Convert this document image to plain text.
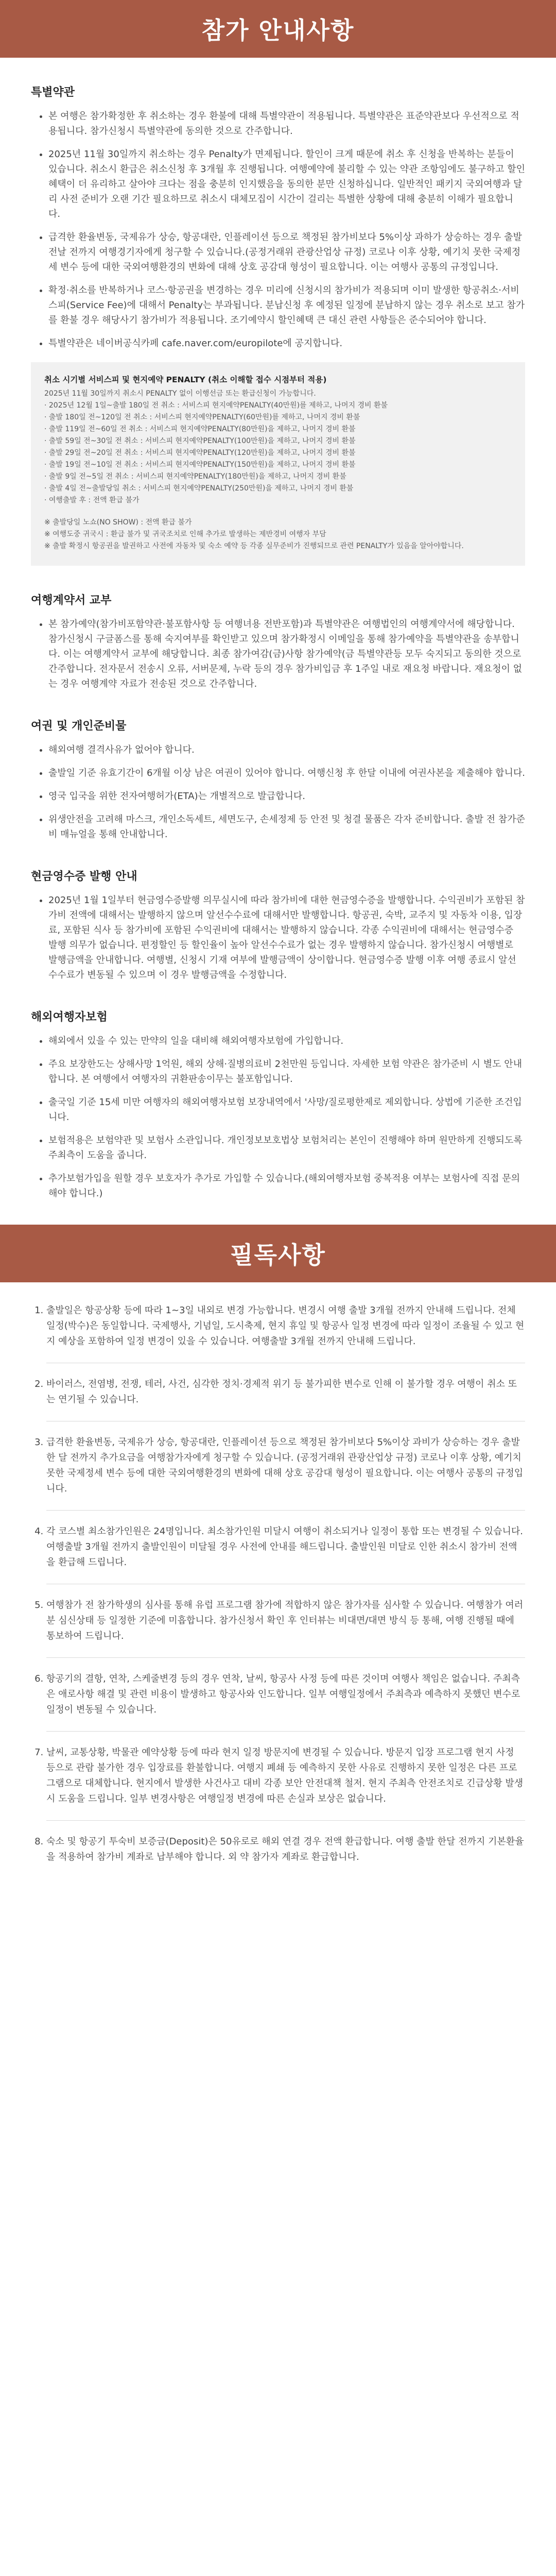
참가 안내사항
특별약관
• 본 여행은 참가확정한 후 취소하는 경우 환불에 대해 특별약관이 적용됩니다. 특별약관은 표준약관보다 우선적으로 적용됩니다. 참가신청시 특별약관에 동의한 것으로 간주합니다.
• 2025년 11월 30일까지 취소하는 경우 Penalty가 면제됩니다. 할인이 크게 때문에 취소 후 신청을 반복하는 분들이 있습니다. 취소시 환급은 취소신청 후 3개월 후 진행됩니다. 여행예약에 불리할 수 있는 약관 조항임에도 불구하고 할인혜택이 더 유리하고 살아야 크다는 점을 충분히 인지했음을 동의한 분만 신청하십니다. 일반적인 패키지 국외여행과 달리 사전 준비가 오랜 기간 필요하므로 취소시 대체모집이 시간이 걸리는 특별한 상황에 대해 충분히 이해가 필요합니다.
• 급격한 환율변동, 국제유가 상승, 항공대란, 인플레이션 등으로 책정된 참가비보다 5%이상 과하가 상승하는 경우 출발 전날 전까지 여행경기자에게 청구할 수 있습니다.(공정거래위 관광산업상 규정) 코로나 이후 상황, 예기치 못한 국제정세 변수 등에 대한 국외여행환경의 변화에 대해 상호 공감대 형성이 필요합니다. 이는 여행사 공통의 규정입니다.
• 확정·취소를 반복하거나 코스·항공권을 변경하는 경우 미리에 신청시의 참가비가 적용되며 이미 발생한 항공취소·서비스피(Service Fee)에 대해서 Penalty는 부과됩니다. 분납신청 후 예정된 일정에 분납하지 않는 경우 취소로 보고 참가를 환불 경우 해당사기 참가비가 적용됩니다. 조기예약시 할인혜택 큰 대신 관련 사항들은 준수되어야 합니다.
• 특별약관은 네이버공식카페 cafe.naver.com/europilote에 공지합니다.
취소 시기별 서비스피 및 현지예약 PENALTY (취소 이해할 접수 시점부터 적용)
2025년 11월 30일까지 취소시 PENALTY 없이 이행선금 또는 환급신청이 가능합니다.
· 2025년 12월 1일~출발 180일 전 취소 : 서비스피 현지예약PENALTY(40만원)를 제하고, 나머지 경비 환불
· 출발 180일 전~120일 전 취소 : 서비스피 현지예약PENALTY(60만원)를 제하고, 나머지 경비 환불
· 출발 119일 전~60일 전 취소 : 서비스피 현지예약PENALTY(80만원)을 제하고, 나머지 경비 환불
· 출발 59일 전~30일 전 취소 : 서비스피 현지예약PENALTY(100만원)을 제하고, 나머지 경비 환불
· 출발 29일 전~20일 전 취소 : 서비스피 현지예약PENALTY(120만원)을 제하고, 나머지 경비 환불
· 출발 19일 전~10일 전 취소 : 서비스피 현지예약PENALTY(150만원)을 제하고, 나머지 경비 환불
· 출발 9일 전~5일 전 취소 : 서비스피 현지예약PENALTY(180만원)을 제하고, 나머지 경비 환불
· 출발 4일 전~출발당일 취소 : 서비스피 현지예약PENALTY(250만원)을 제하고, 나머지 경비 환불
· 여행출발 후 : 전액 환급 불가
※ 출발당일 노쇼(NO SHOW) : 전액 환급 불가
※ 여행도중 귀국시 : 환급 불가 및 귀국조치로 인해 추가로 발생하는 제반경비 여행자 부담
※ 출발 확정시 항공권을 발권하고 사전에 자동차 및 숙소 예약 등 각종 실무준비가 진행되므로 관련 PENALTY가 있음을 알아야합니다.
여행계약서 교부
• 본 참가예약(참가비포함약관·불포함사항 등 여행녀용 전반포함)과 특별약관은 여행법인의 여행계약서에 해당합니다. 참가신청시 구글폼스를 통해 숙지여부를 확인받고 있으며 참가확정시 이메일을 통해 참가예약을 특별약관을 송부합니다. 이는 여행계약서 교부에 해당합니다. 최종 참가여감(금)사항 참가예약(금 특별약관등 모두 숙지되고 동의한 것으로 간주합니다. 전자문서 전송시 오류, 서버문제, 누락 등의 경우 참가비입금 후 1주일 내로 재요청 바랍니다. 재요청이 없는 경우 여행계약 자료가 전송된 것으로 간주합니다.
여권 및 개인준비물
• 해외여행 결격사유가 없어야 합니다.
• 출발일 기준 유효기간이 6개월 이상 남은 여권이 있어야 합니다. 여행신청 후 한달 이내에 여권사본을 제출해야 합니다.
• 영국 입국을 위한 전자여행허가(ETA)는 개별적으로 발급합니다.
• 위생안전을 고려해 마스크, 개인소독세트, 세면도구, 손세정제 등 안전 및 청결 물품은 각자 준비합니다. 출발 전 참가준비 매뉴얼을 통해 안내합니다.
현금영수증 발행 안내
• 2025년 1월 1일부터 현금영수증발행 의무실시에 따라 참가비에 대한 현금영수증을 발행합니다. 수익권비가 포함된 참가비 전액에 대해서는 발행하지 않으며 알선수수료에 대해서만 발행합니다. 항공권, 숙박, 교주지 및 자동차 이용, 입장료, 포함된 식사 등 참가비에 포함된 수익권비에 대해서는 발행하지 않습니다. 각종 수익권비에 대해서는 현금영수증 발행 의무가 없습니다. 편정할인 등 할인율이 높아 알선수수료가 없는 경우 발행하지 않습니다. 참가신청시 여행별로 발행금액을 안내합니다. 여행별, 신청시 기재 여부에 발행금액이 상이합니다. 현금영수증 발행 이후 여행 종료시 알선수수료가 변동될 수 있으며 이 경우 발행금액을 수정합니다.
해외여행자보험
• 해외에서 있을 수 있는 만약의 일을 대비해 해외여행자보험에 가입합니다.
• 주요 보장한도는 상해사망 1억원, 해외 상해·질병의료비 2천만원 등입니다. 자세한 보험 약관은 참가준비 시 별도 안내합니다. 본 여행에서 여행자의 귀환판송이무는 불포함입니다.
• 출국일 기준 15세 미만 여행자의 해외여행자보험 보장내역에서 '사망/질로평한제로 제외합니다. 상법에 기준한 조건입니다.
• 보험적용은 보험약관 및 보험사 소관입니다. 개인정보보호법상 보험처리는 본인이 진행해야 하며 원만하게 진행되도록 주최측이 도움을 줍니다.
• 추가보험가입을 원할 경우 보호자가 추가로 가입할 수 있습니다.(해외여행자보험 중복적용 여부는 보험사에 직접 문의해야 합니다.)
필독사항
1. 출발일은 항공상황 등에 따라 1~3일 내외로 변경 가능합니다. 변경시 여행 출발 3개월 전까지 안내해 드립니다. 전체 일정(박수)은 동일합니다. 국제행사, 기념일, 도시축제, 현지 휴일 및 항공사 일정 변경에 따라 일정이 조율될 수 있고 현지 예상을 포함하여 일정 변경이 있을 수 있습니다. 여행출발 3개월 전까지 안내해 드립니다.
2. 바이러스, 전염병, 전쟁, 테러, 사건, 심각한 정치·경제적 위기 등 불가피한 변수로 인해 이 불가할 경우 여행이 취소 또는 연기될 수 있습니다.
3. 급격한 환율변동, 국제유가 상승, 항공대란, 인플레이션 등으로 책정된 참가비보다 5%이상 과비가 상승하는 경우 출발 한 달 전까지 추가요금을 여행참가자에게 청구할 수 있습니다. (공정거래위 관광산업상 규정) 코로나 이후 상황, 예기치 못한 국제정세 변수 등에 대한 국외여행환경의 변화에 대해 상호 공감대 형성이 필요합니다. 이는 여행사 공통의 규정입니다.
4. 각 코스별 최소참가인원은 24명입니다. 최소참가인원 미달시 여행이 취소되거나 일정이 통합 또는 변경될 수 있습니다. 여행출발 3개월 전까지 출발인원이 미달될 경우 사전에 안내를 해드립니다. 출발인원 미달로 인한 취소시 참가비 전액을 환급해 드립니다.
5. 여행참가 전 참가학생의 심사를 통해 유럽 프로그램 참가에 적합하지 않은 참가자를 심사할 수 있습니다. 여행참가 여러분 심신상태 등 일정한 기준에 미흡합니다. 참가신청서 확인 후 인터뷰는 비대면/대면 방식 등 통해, 여행 진행될 때에 통보하여 드립니다.
6. 항공기의 결항, 연착, 스케줄변경 등의 경우 연착, 날씨, 항공사 사정 등에 따른 것이며 여행사 책임은 없습니다. 주최측은 애로사항 해결 및 관련 비용이 발생하고 항공사와 인도합니다. 일부 여행일정에서 주최측과 예측하지 못했던 변수로 일정이 변동될 수 있습니다.
7. 날씨, 교통상황, 박물관 예약상황 등에 따라 현지 일정 방문지에 변경될 수 있습니다. 방문지 입장 프로그램 현지 사정 등으로 관람 불가한 경우 입장료를 환불합니다. 여행지 폐쇄 등 예측하지 못한 사유로 진행하지 못한 일정은 다른 프로그램으로 대체합니다. 현지에서 발생한 사건사고 대비 각종 보안 안전대책 철저. 현지 주최측 안전조치로 긴급상황 발생시 도움을 드립니다. 일부 변경사항은 여행일정 변경에 따른 손실과 보상은 없습니다.
8. 숙소 및 항공기 투숙비 보증금(Deposit)은 50유로로 해외 연결 경우 전액 환급합니다. 여행 출발 한달 전까지 기본환율을 적용하여 참가비 계좌로 납부해야 합니다. 외 약 참가자 계좌로 환급합니다.
